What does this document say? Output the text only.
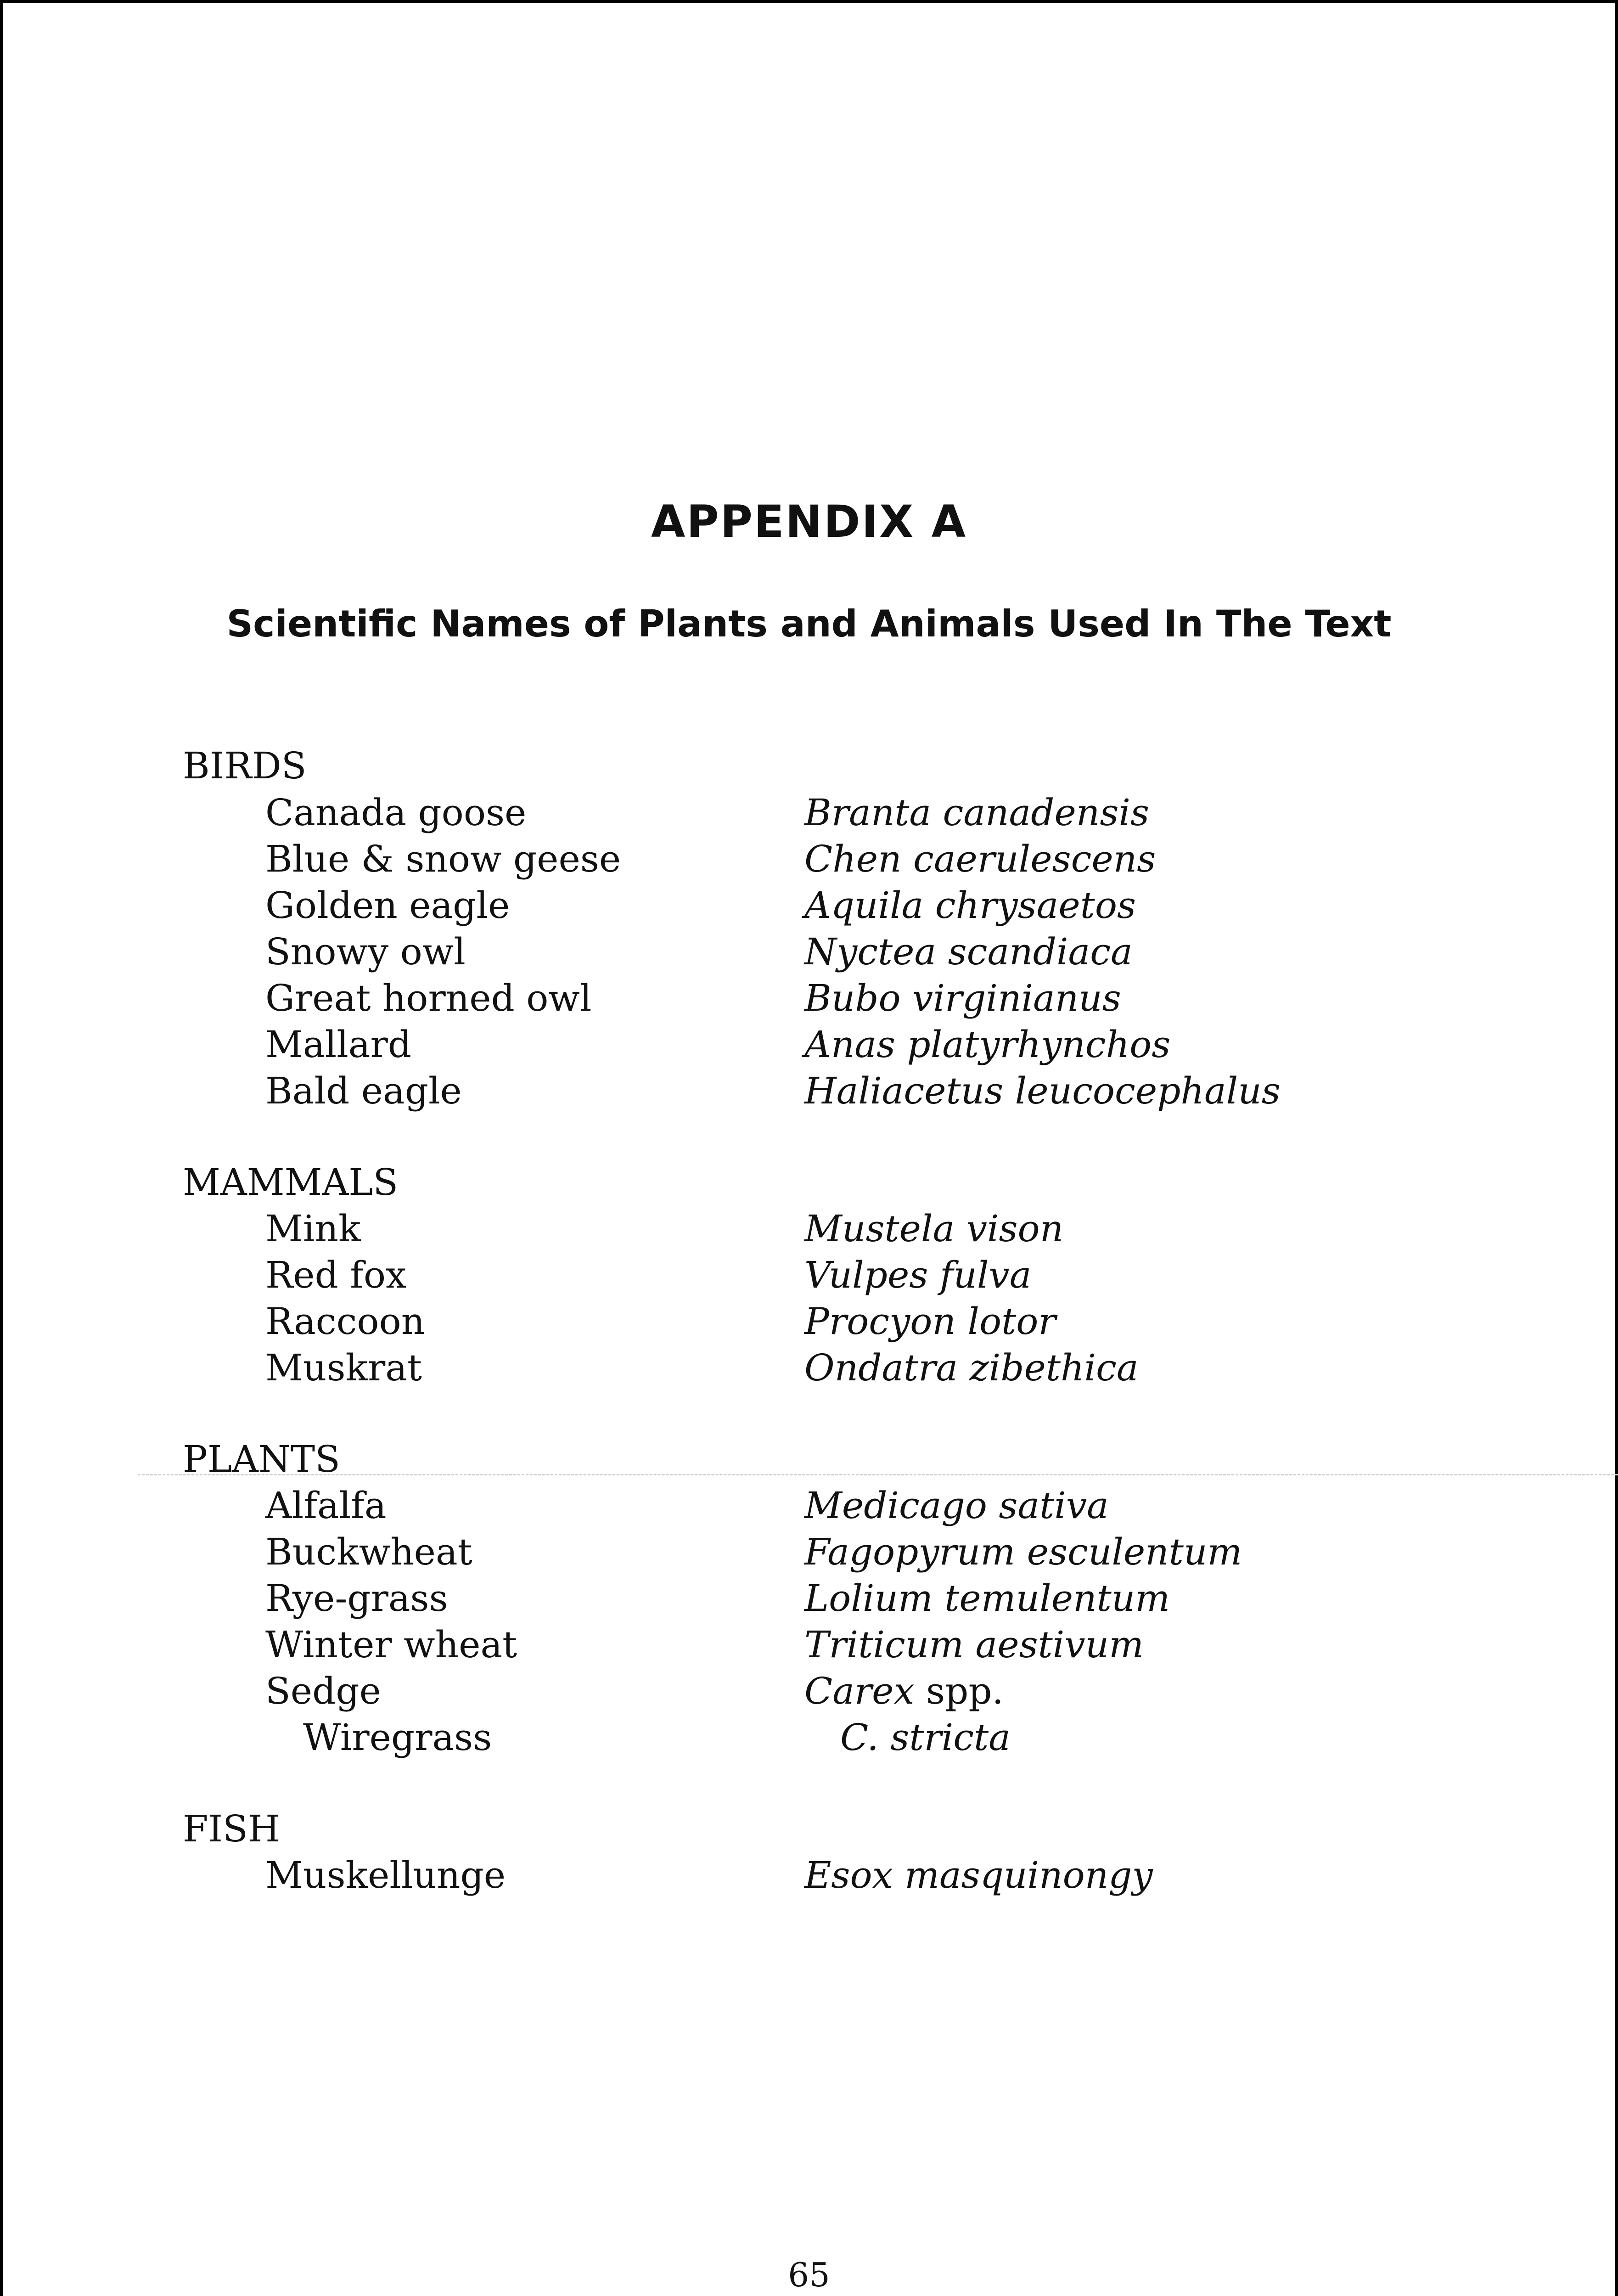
APPENDIX A
Scientific Names of Plants and Animals Used In The Text
BIRDS
Canada goose	Branta canadensis
Blue & snow geese	Chen caerulescens
Golden eagle	Aquila chrysaetos
Snowy owl	Nyctea scandiaca
Great horned owl	Bubo virginianus
Mallard	Anas platyrhynchos
Bald eagle	Haliacetus leucocephalus
MAMMALS
Mink	Mustela vison
Red fox	Vulpes fulva
Raccoon	Procyon lotor
Muskrat	Ondatra zibethica
PLANTS
Alfalfa	Medicago sativa
Buckwheat	Fagopyrum esculentum
Rye-grass	Lolium temulentum
Winter wheat	Triticum aestivum
Sedge	Carex spp.
Wiregrass	C. stricta
FISH
Muskellunge	Esox masquinongy
65
